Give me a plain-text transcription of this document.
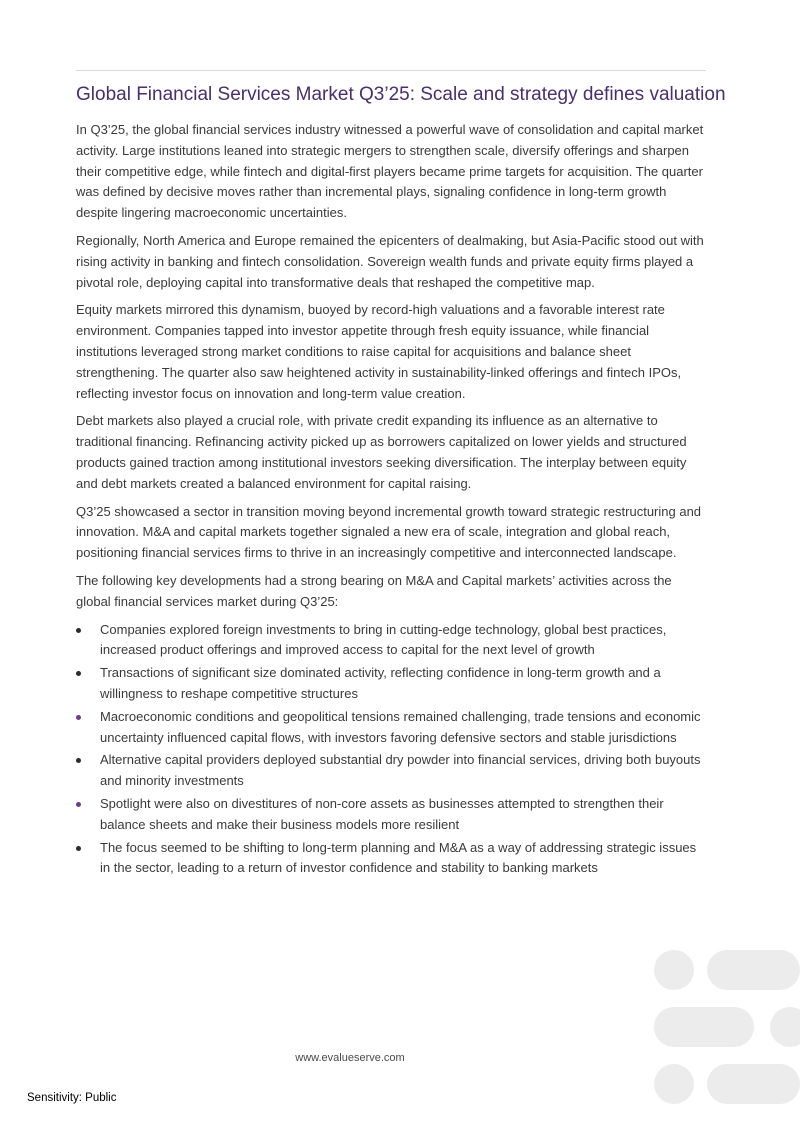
Global Financial Services Market Q3’25: Scale and strategy defines valuation

In Q3’25, the global financial services industry witnessed a powerful wave of consolidation and capital market activity. Large institutions leaned into strategic mergers to strengthen scale, diversify offerings and sharpen their competitive edge, while fintech and digital-first players became prime targets for acquisition. The quarter was defined by decisive moves rather than incremental plays, signaling confidence in long-term growth despite lingering macroeconomic uncertainties.

Regionally, North America and Europe remained the epicenters of dealmaking, but Asia-Pacific stood out with rising activity in banking and fintech consolidation. Sovereign wealth funds and private equity firms played a pivotal role, deploying capital into transformative deals that reshaped the competitive map.

Equity markets mirrored this dynamism, buoyed by record-high valuations and a favorable interest rate environment. Companies tapped into investor appetite through fresh equity issuance, while financial institutions leveraged strong market conditions to raise capital for acquisitions and balance sheet strengthening. The quarter also saw heightened activity in sustainability-linked offerings and fintech IPOs, reflecting investor focus on innovation and long-term value creation.

Debt markets also played a crucial role, with private credit expanding its influence as an alternative to traditional financing. Refinancing activity picked up as borrowers capitalized on lower yields and structured products gained traction among institutional investors seeking diversification. The interplay between equity and debt markets created a balanced environment for capital raising.

Q3’25 showcased a sector in transition moving beyond incremental growth toward strategic restructuring and innovation. M&A and capital markets together signaled a new era of scale, integration and global reach, positioning financial services firms to thrive in an increasingly competitive and interconnected landscape.

The following key developments had a strong bearing on M&A and Capital markets’ activities across the global financial services market during Q3’25:

Companies explored foreign investments to bring in cutting-edge technology, global best practices, increased product offerings and improved access to capital for the next level of growth
Transactions of significant size dominated activity, reflecting confidence in long-term growth and a willingness to reshape competitive structures
Macroeconomic conditions and geopolitical tensions remained challenging, trade tensions and economic uncertainty influenced capital flows, with investors favoring defensive sectors and stable jurisdictions
Alternative capital providers deployed substantial dry powder into financial services, driving both buyouts and minority investments
Spotlight were also on divestitures of non-core assets as businesses attempted to strengthen their balance sheets and make their business models more resilient
The focus seemed to be shifting to long-term planning and M&A as a way of addressing strategic issues in the sector, leading to a return of investor confidence and stability to banking markets
www.evalueserve.com
Sensitivity: Public
